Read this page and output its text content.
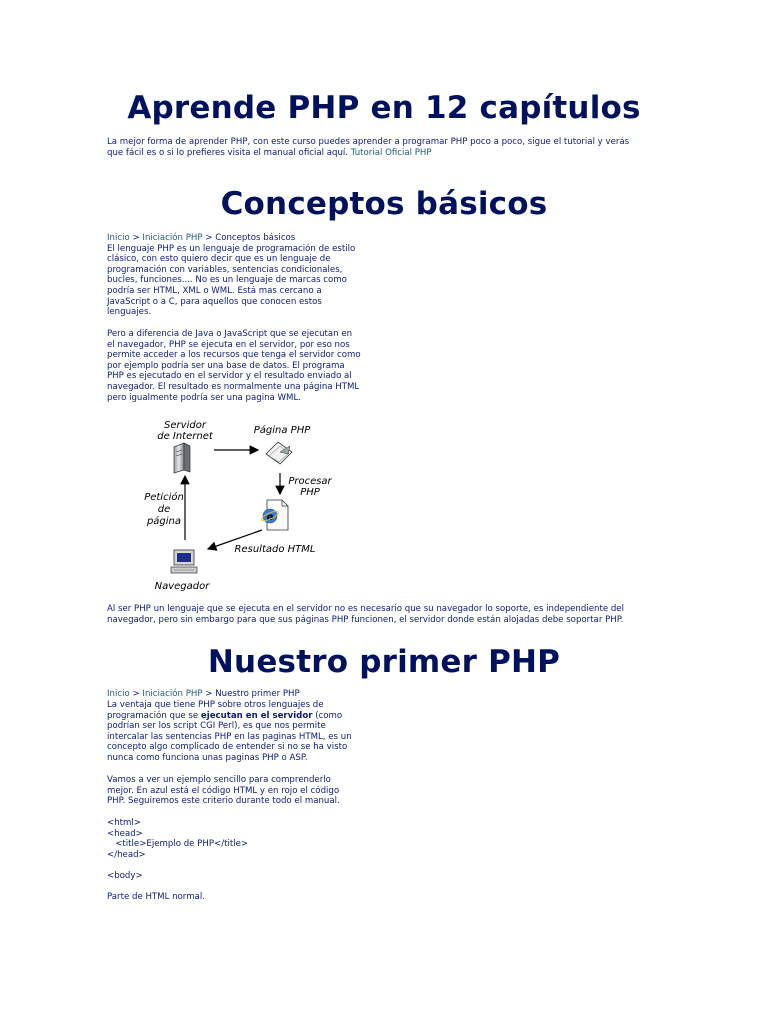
Aprende PHP en 12 capítulos
La mejor forma de aprender PHP, con este curso puedes aprender a programar PHP poco a poco, sigue el tutorial y verás
que fácil es o si lo prefieres visita el manual oficial aquí. Tutorial Oficial PHP
Conceptos básicos
Inicio > Iniciación PHP > Conceptos básicos
El lenguaje PHP es un lenguaje de programación de estilo
clásico, con esto quiero decir que es un lenguaje de
programación con variables, sentencias condicionales,
bucles, funciones.... No es un lenguaje de marcas como
podría ser HTML, XML o WML. Está mas cercano a
JavaScript o a C, para aquellos que conocen estos
lenguajes.
Pero a diferencia de Java o JavaScript que se ejecutan en
el navegador, PHP se ejecuta en el servidor, por eso nos
permite acceder a los recursos que tenga el servidor como
por ejemplo podría ser una base de datos. El programa
PHP es ejecutado en el servidor y el resultado enviado al
navegador. El resultado es normalmente una página HTML
pero igualmente podría ser una pagina WML.
Servidor
de Internet
Página PHP
Procesar
PHP
e
Resultado HTML
Petición
de
página
Navegador
Al ser PHP un lenguaje que se ejecuta en el servidor no es necesario que su navegador lo soporte, es independiente del
navegador, pero sin embargo para que sus páginas PHP funcionen, el servidor donde están alojadas debe soportar PHP.
Nuestro primer PHP
Inicio > Iniciación PHP > Nuestro primer PHP
La ventaja que tiene PHP sobre otros lenguajes de
programación que se ejecutan en el servidor (como
podrían ser los script CGI Perl), es que nos permite
intercalar las sentencias PHP en las paginas HTML, es un
concepto algo complicado de entender si no se ha visto
nunca como funciona unas paginas PHP o ASP.
Vamos a ver un ejemplo sencillo para comprenderlo
mejor. En azul está el código HTML y en rojo el código
PHP. Seguiremos este criterio durante todo el manual.
<html>
<head>
<title>Ejemplo de PHP</title>
</head>
<body>
Parte de HTML normal.
